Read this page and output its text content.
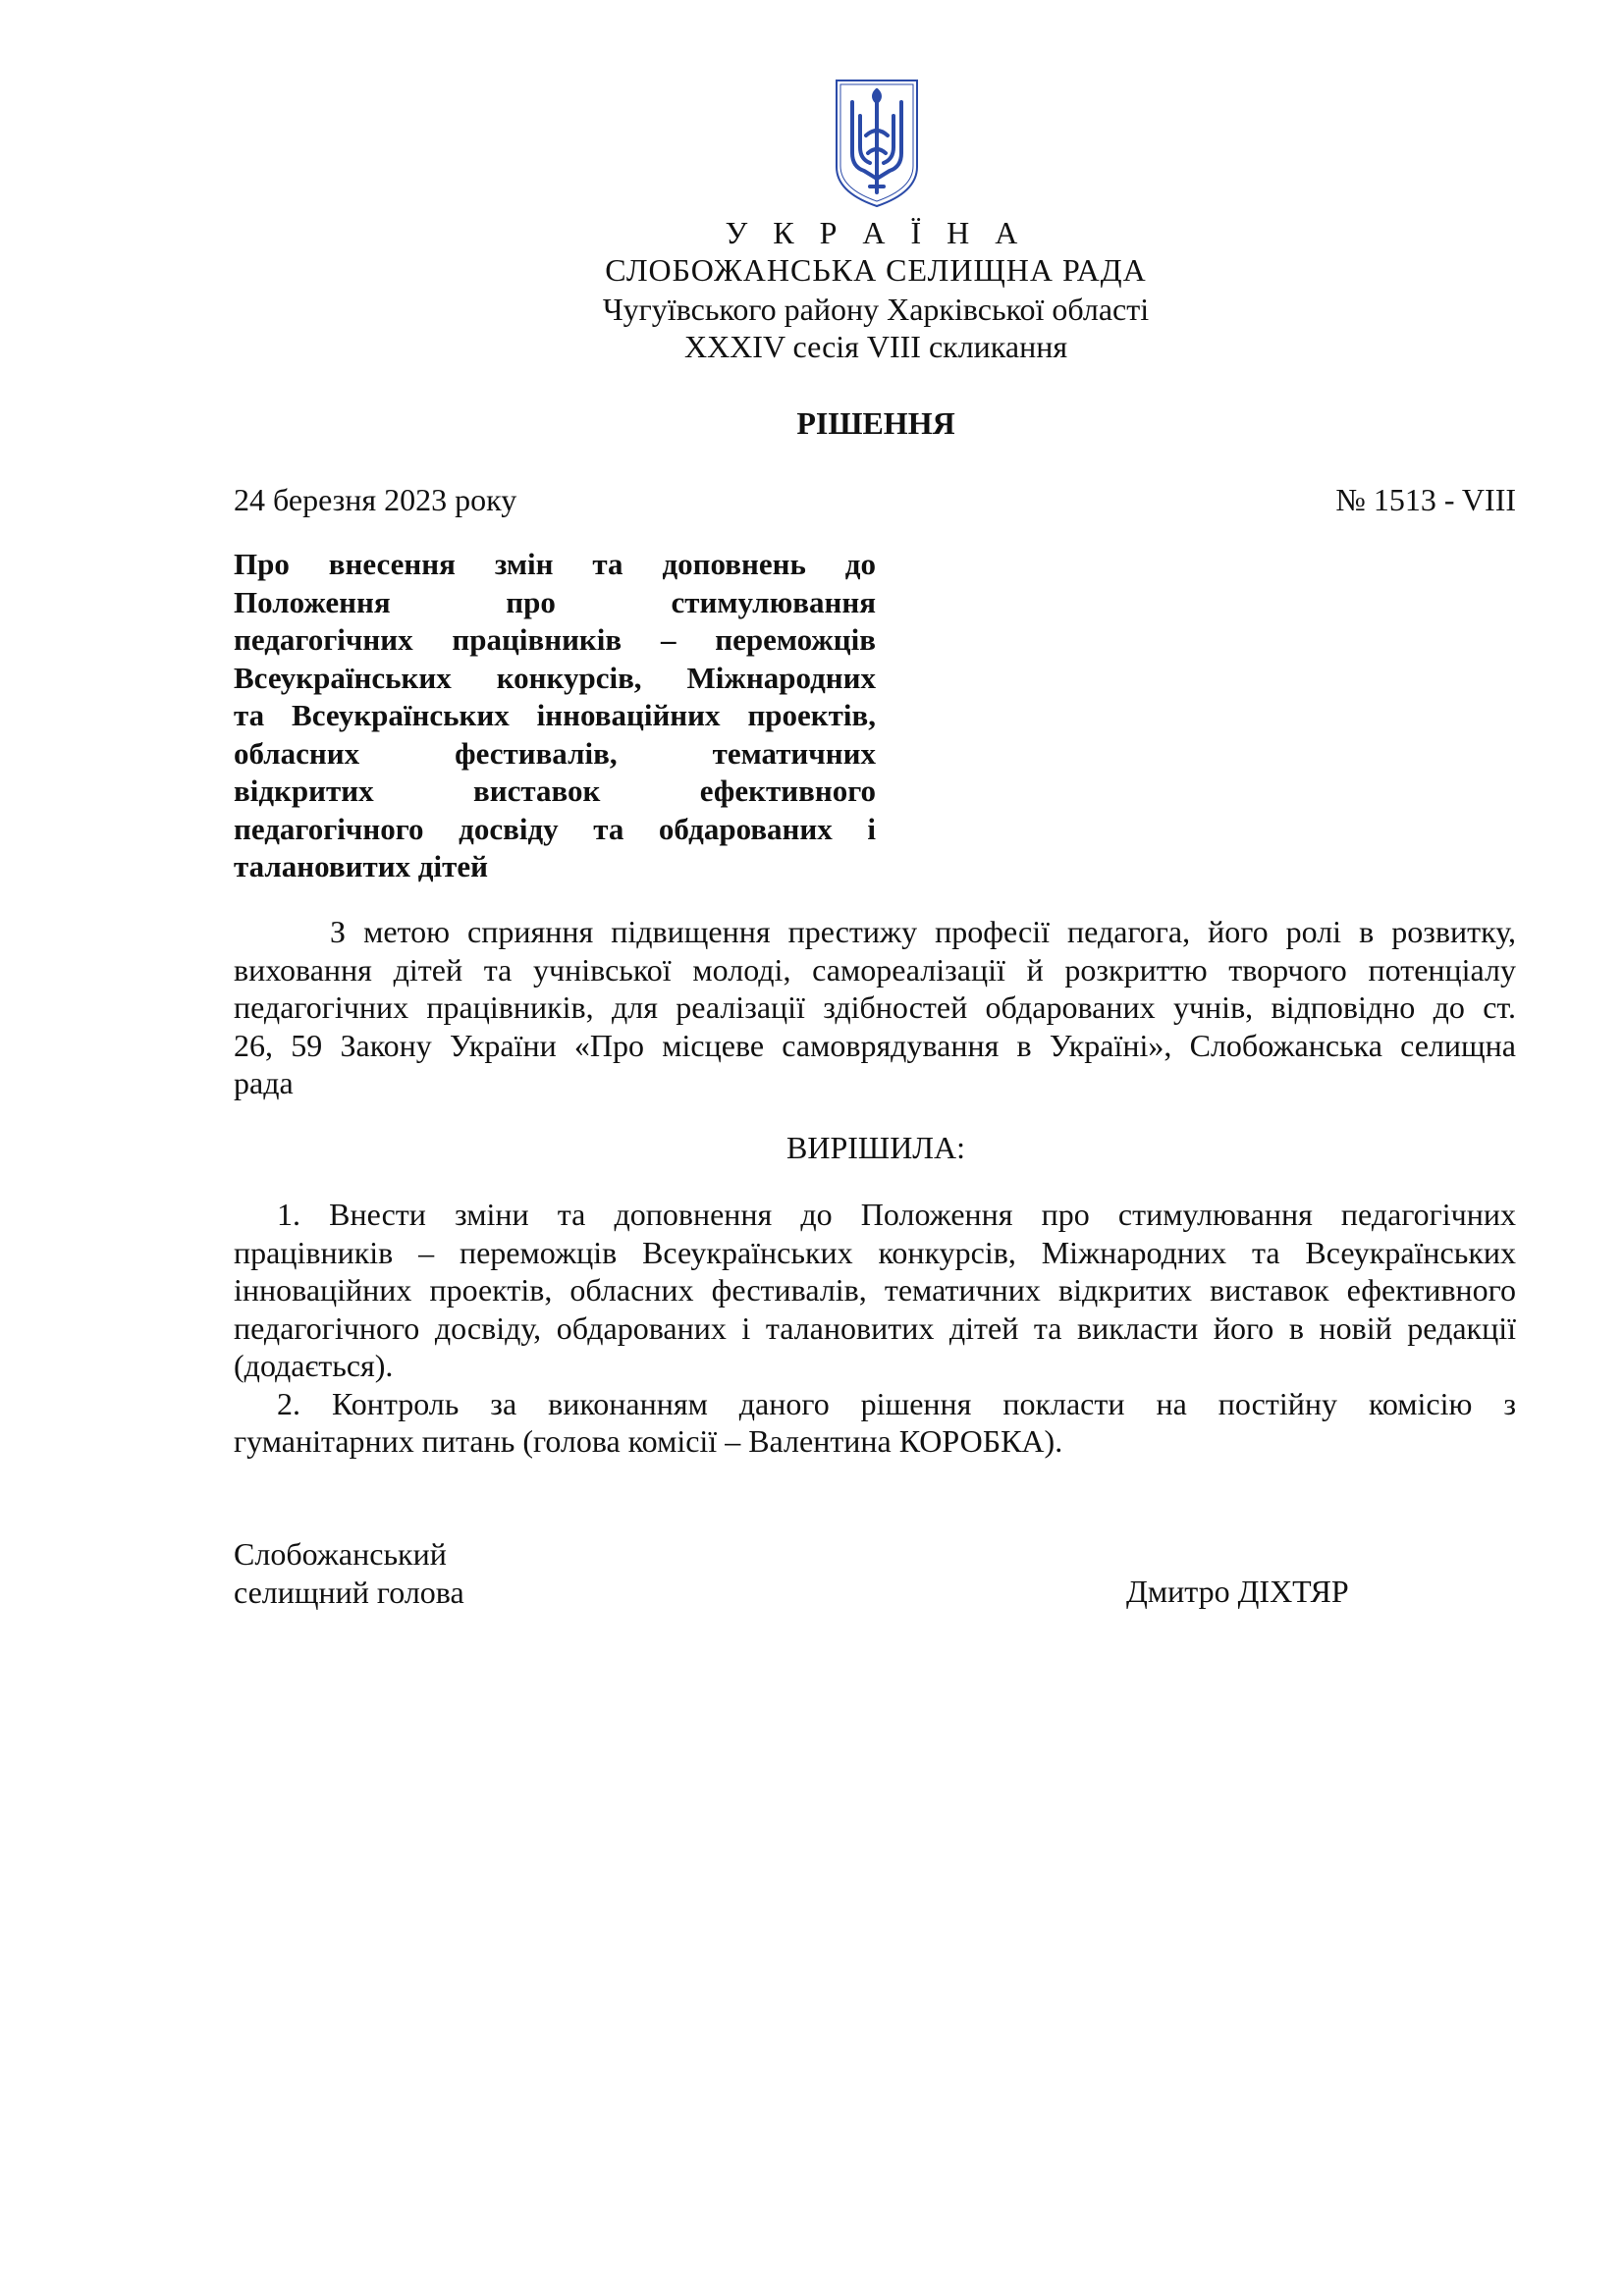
У К Р А Ї Н А
СЛОБОЖАНСЬКА СЕЛИЩНА РАДА
Чугуївського району Харківської області
XXXIV сесія VIII скликання
РІШЕННЯ
24 березня 2023 року	№ 1513 - VIII
Про внесення змін та доповнень до
Положення про стимулювання
педагогічних працівників – переможців
Всеукраїнських конкурсів, Міжнародних
та Всеукраїнських інноваційних проектів,
обласних фестивалів, тематичних
відкритих виставок ефективного
педагогічного досвіду та обдарованих і
талановитих дітей
З метою сприяння підвищення престижу професії педагога, його ролі в розвитку,
виховання дітей та учнівської молоді, самореалізації й розкриттю творчого потенціалу
педагогічних працівників, для реалізації здібностей обдарованих учнів, відповідно до ст.
26, 59 Закону України «Про місцеве самоврядування в Україні», Слобожанська селищна
рада
ВИРІШИЛА:
1. Внести зміни та доповнення до Положення про стимулювання педагогічних
працівників – переможців Всеукраїнських конкурсів, Міжнародних та Всеукраїнських
інноваційних проектів, обласних фестивалів, тематичних відкритих виставок ефективного
педагогічного досвіду, обдарованих і талановитих дітей та викласти його в новій редакції
(додається).
2. Контроль за виконанням даного рішення покласти на постійну комісію з
гуманітарних питань (голова комісії – Валентина КОРОБКА).
Слобожанський
селищний голова	Дмитро ДІХТЯР
